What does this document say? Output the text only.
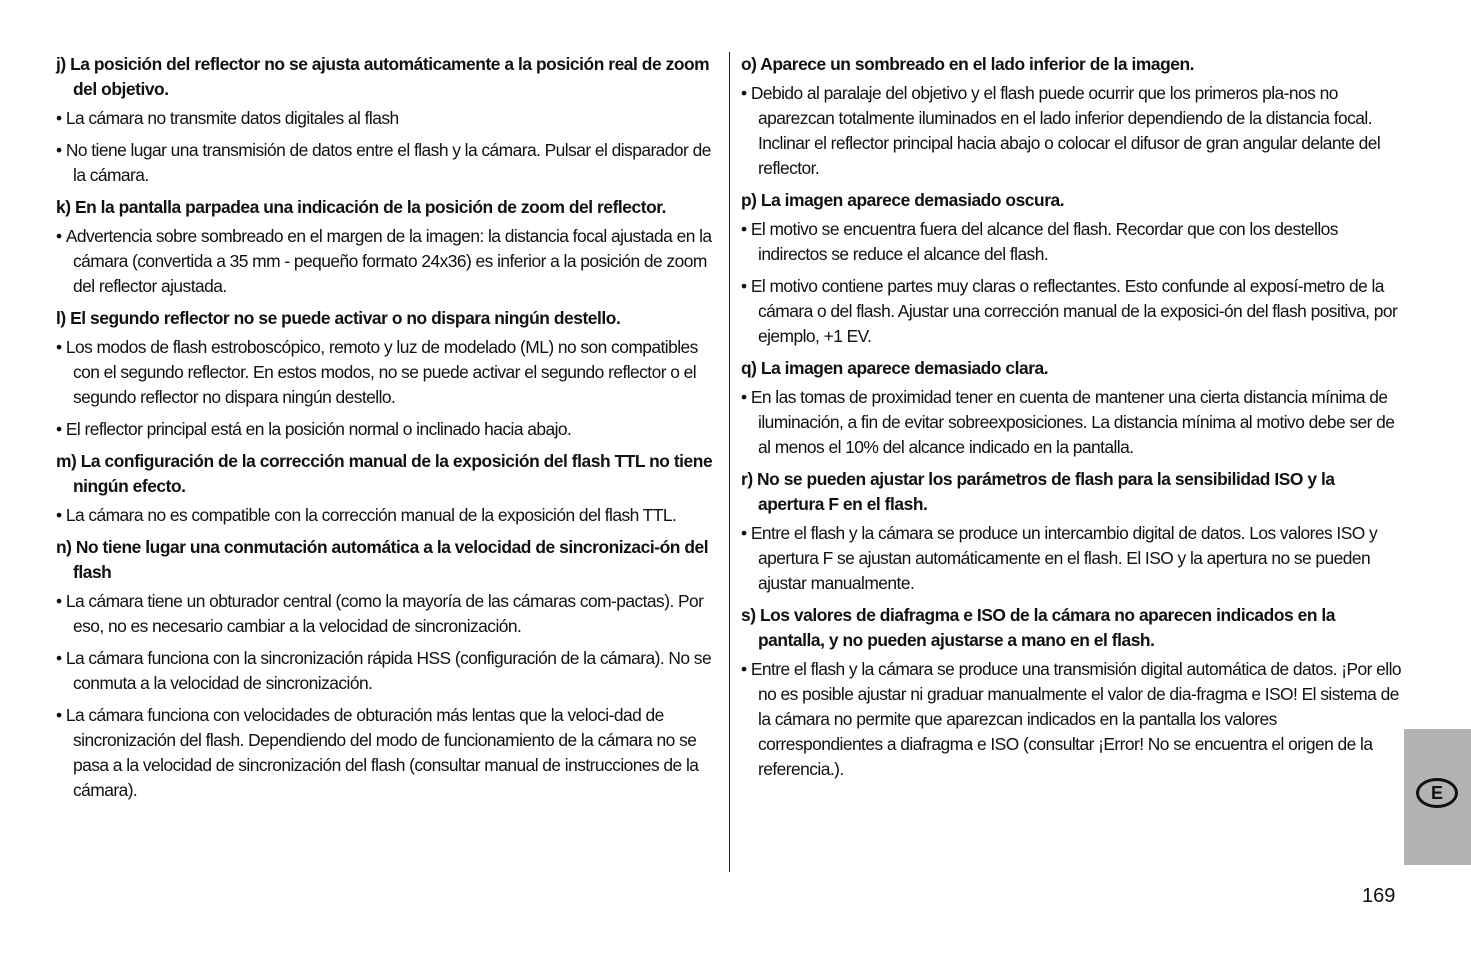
j) La posición del reflector no se ajusta automáticamente a la posición real de zoom del objetivo.

• La cámara no transmite datos digitales al flash

• No tiene lugar una transmisión de datos entre el flash y la cámara. Pulsar el disparador de la cámara.

k) En la pantalla parpadea una indicación de la posición de zoom del reflector.

• Advertencia sobre sombreado en el margen de la imagen: la distancia focal ajustada en la cámara (convertida a 35 mm - pequeño formato 24x36) es inferior a la posición de zoom del reflector ajustada.

l) El segundo reflector no se puede activar o no dispara ningún destello.

• Los modos de flash estroboscópico, remoto y luz de modelado (ML) no son compatibles con el segundo reflector. En estos modos, no se puede activar el segundo reflector o el segundo reflector no dispara ningún destello.

• El reflector principal está en la posición normal o inclinado hacia abajo.

m) La configuración de la corrección manual de la exposición del flash TTL no tiene ningún efecto.

• La cámara no es compatible con la corrección manual de la exposición del flash TTL.

n) No tiene lugar una conmutación automática a la velocidad de sincronizaci-ón del flash

• La cámara tiene un obturador central (como la mayoría de las cámaras com-pactas). Por eso, no es necesario cambiar a la velocidad de sincronización.

• La cámara funciona con la sincronización rápida HSS (configuración de la cámara). No se conmuta a la velocidad de sincronización.

• La cámara funciona con velocidades de obturación más lentas que la veloci-dad de sincronización del flash. Dependiendo del modo de funcionamiento de la cámara no se pasa a la velocidad de sincronización del flash (consultar manual de instrucciones de la cámara).

o) Aparece un sombreado en el lado inferior de la imagen.

• Debido al paralaje del objetivo y el flash puede ocurrir que los primeros pla-nos no aparezcan totalmente iluminados en el lado inferior dependiendo de la distancia focal. Inclinar el reflector principal hacia abajo o colocar el difusor de gran angular delante del reflector.

p) La imagen aparece demasiado oscura.

• El motivo se encuentra fuera del alcance del flash. Recordar que con los destellos indirectos se reduce el alcance del flash.

• El motivo contiene partes muy claras o reflectantes. Esto confunde al exposí-metro de la cámara o del flash. Ajustar una corrección manual de la exposici-ón del flash positiva, por ejemplo, +1 EV.

q) La imagen aparece demasiado clara.

• En las tomas de proximidad tener en cuenta de mantener una cierta distancia mínima de iluminación, a fin de evitar sobreexposiciones. La distancia mínima al motivo debe ser de al menos el 10% del alcance indicado en la pantalla.

r) No se pueden ajustar los parámetros de flash para la sensibilidad ISO y la apertura F en el flash.

• Entre el flash y la cámara se produce un intercambio digital de datos. Los valores ISO y apertura F se ajustan automáticamente en el flash. El ISO y la apertura no se pueden ajustar manualmente.

s) Los valores de diafragma e ISO de la cámara no aparecen indicados en la pantalla, y no pueden ajustarse a mano en el flash.

• Entre el flash y la cámara se produce una transmisión digital automática de datos. ¡Por ello no es posible ajustar ni graduar manualmente el valor de dia-fragma e ISO! El sistema de la cámara no permite que aparezcan indicados en la pantalla los valores correspondientes a diafragma e ISO (consultar ¡Error! No se encuentra el origen de la referencia.).

E
169
